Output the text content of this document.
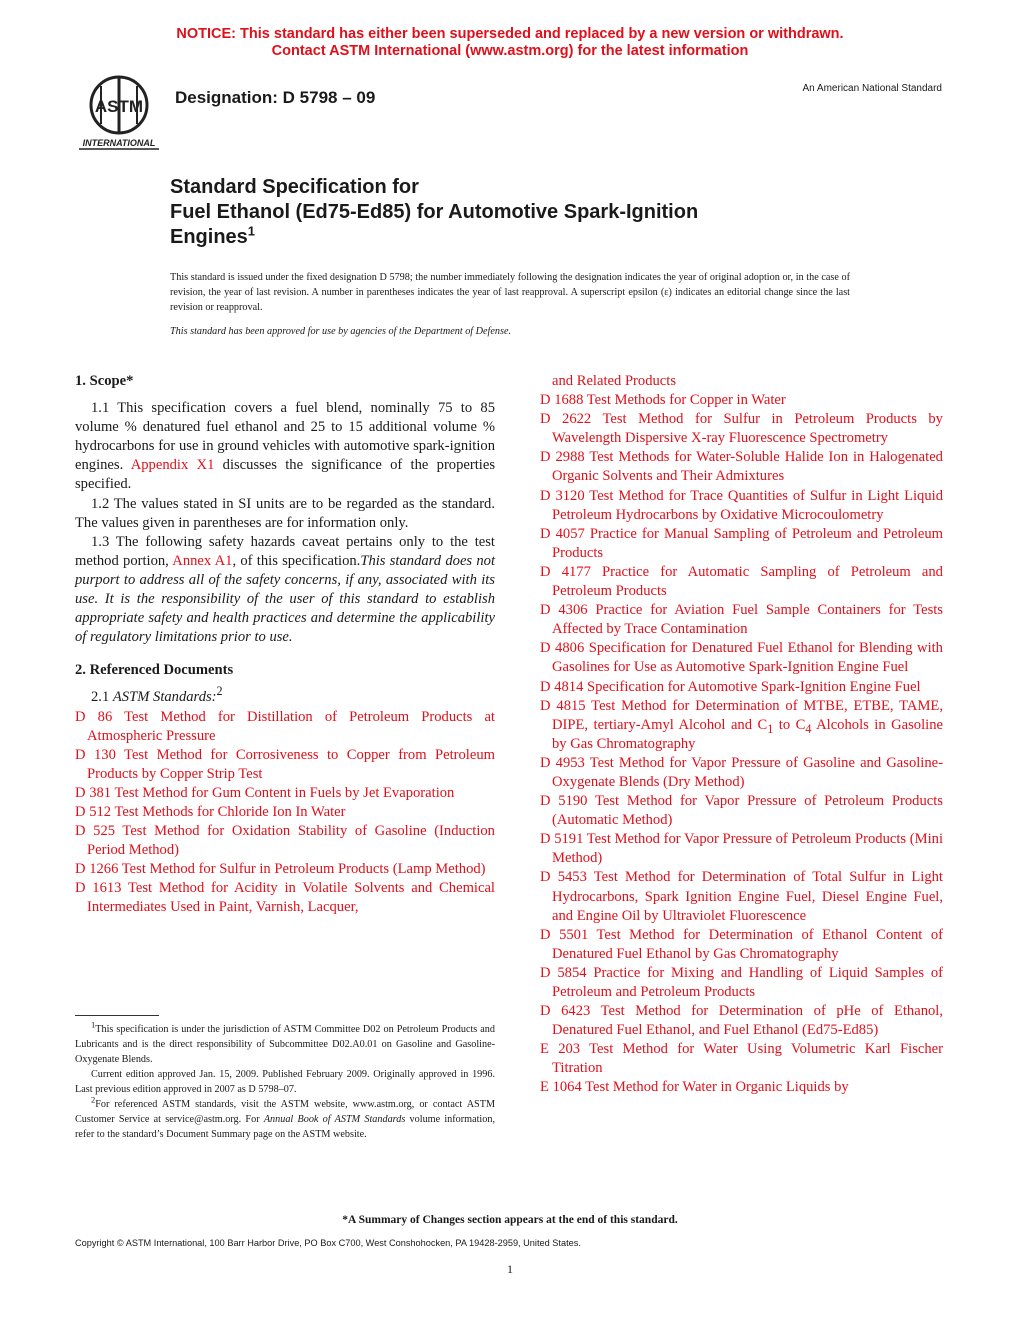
NOTICE: This standard has either been superseded and replaced by a new version or withdrawn.
Contact ASTM International (www.astm.org) for the latest information
ASTM
INTERNATIONAL
Designation: D 5798 – 09	An American National Standard
Standard Specification for
Fuel Ethanol (Ed75-Ed85) for Automotive Spark-Ignition
Engines$^1$
This standard is issued under the fixed designation D 5798; the number immediately following the designation indicates the year of original adoption or, in the case of revision, the year of last revision. A number in parentheses indicates the year of last reapproval. A superscript epsilon (ε) indicates an editorial change since the last revision or reapproval.
This standard has been approved for use by agencies of the Department of Defense.

1. Scope*

1.1 This specification covers a fuel blend, nominally 75 to 85 volume % denatured fuel ethanol and 25 to 15 additional volume % hydrocarbons for use in ground vehicles with automotive spark-ignition engines. Appendix X1 discusses the significance of the properties specified.

1.2 The values stated in SI units are to be regarded as the standard. The values given in parentheses are for information only.

1.3 The following safety hazards caveat pertains only to the test method portion, Annex A1, of this specification.This standard does not purport to address all of the safety concerns, if any, associated with its use. It is the responsibility of the user of this standard to establish appropriate safety and health practices and determine the applicability of regulatory limitations prior to use.

2. Referenced Documents

2.1 ASTM Standards:$^2$

D 86 Test Method for Distillation of Petroleum Products at Atmospheric Pressure

D 130 Test Method for Corrosiveness to Copper from Petroleum Products by Copper Strip Test

D 381 Test Method for Gum Content in Fuels by Jet Evaporation

D 512 Test Methods for Chloride Ion In Water

D 525 Test Method for Oxidation Stability of Gasoline (Induction Period Method)

D 1266 Test Method for Sulfur in Petroleum Products (Lamp Method)

D 1613 Test Method for Acidity in Volatile Solvents and Chemical Intermediates Used in Paint, Varnish, Lacquer,

and Related Products

D 1688 Test Methods for Copper in Water

D 2622 Test Method for Sulfur in Petroleum Products by Wavelength Dispersive X-ray Fluorescence Spectrometry

D 2988 Test Methods for Water-Soluble Halide Ion in Halogenated Organic Solvents and Their Admixtures

D 3120 Test Method for Trace Quantities of Sulfur in Light Liquid Petroleum Hydrocarbons by Oxidative Microcoulometry

D 4057 Practice for Manual Sampling of Petroleum and Petroleum Products

D 4177 Practice for Automatic Sampling of Petroleum and Petroleum Products

D 4306 Practice for Aviation Fuel Sample Containers for Tests Affected by Trace Contamination

D 4806 Specification for Denatured Fuel Ethanol for Blending with Gasolines for Use as Automotive Spark-Ignition Engine Fuel

D 4814 Specification for Automotive Spark-Ignition Engine Fuel

D 4815 Test Method for Determination of MTBE, ETBE, TAME, DIPE, tertiary-Amyl Alcohol and $C_1$ to $C_4$ Alcohols in Gasoline by Gas Chromatography

D 4953 Test Method for Vapor Pressure of Gasoline and Gasoline-Oxygenate Blends (Dry Method)

D 5190 Test Method for Vapor Pressure of Petroleum Products (Automatic Method)

D 5191 Test Method for Vapor Pressure of Petroleum Products (Mini Method)

D 5453 Test Method for Determination of Total Sulfur in Light Hydrocarbons, Spark Ignition Engine Fuel, Diesel Engine Fuel, and Engine Oil by Ultraviolet Fluorescence

D 5501 Test Method for Determination of Ethanol Content of Denatured Fuel Ethanol by Gas Chromatography

D 5854 Practice for Mixing and Handling of Liquid Samples of Petroleum and Petroleum Products

D 6423 Test Method for Determination of pHe of Ethanol, Denatured Fuel Ethanol, and Fuel Ethanol (Ed75-Ed85)

E 203 Test Method for Water Using Volumetric Karl Fischer Titration

E 1064 Test Method for Water in Organic Liquids by

$^1$This specification is under the jurisdiction of ASTM Committee D02 on Petroleum Products and Lubricants and is the direct responsibility of Subcommittee D02.A0.01 on Gasoline and Gasoline-Oxygenate Blends.

Current edition approved Jan. 15, 2009. Published February 2009. Originally approved in 1996. Last previous edition approved in 2007 as D 5798–07.

$^2$For referenced ASTM standards, visit the ASTM website, www.astm.org, or contact ASTM Customer Service at service@astm.org. For Annual Book of ASTM Standards volume information, refer to the standard’s Document Summary page on the ASTM website.

*A Summary of Changes section appears at the end of this standard.
Copyright © ASTM International, 100 Barr Harbor Drive, PO Box C700, West Conshohocken, PA 19428-2959, United States.
1
